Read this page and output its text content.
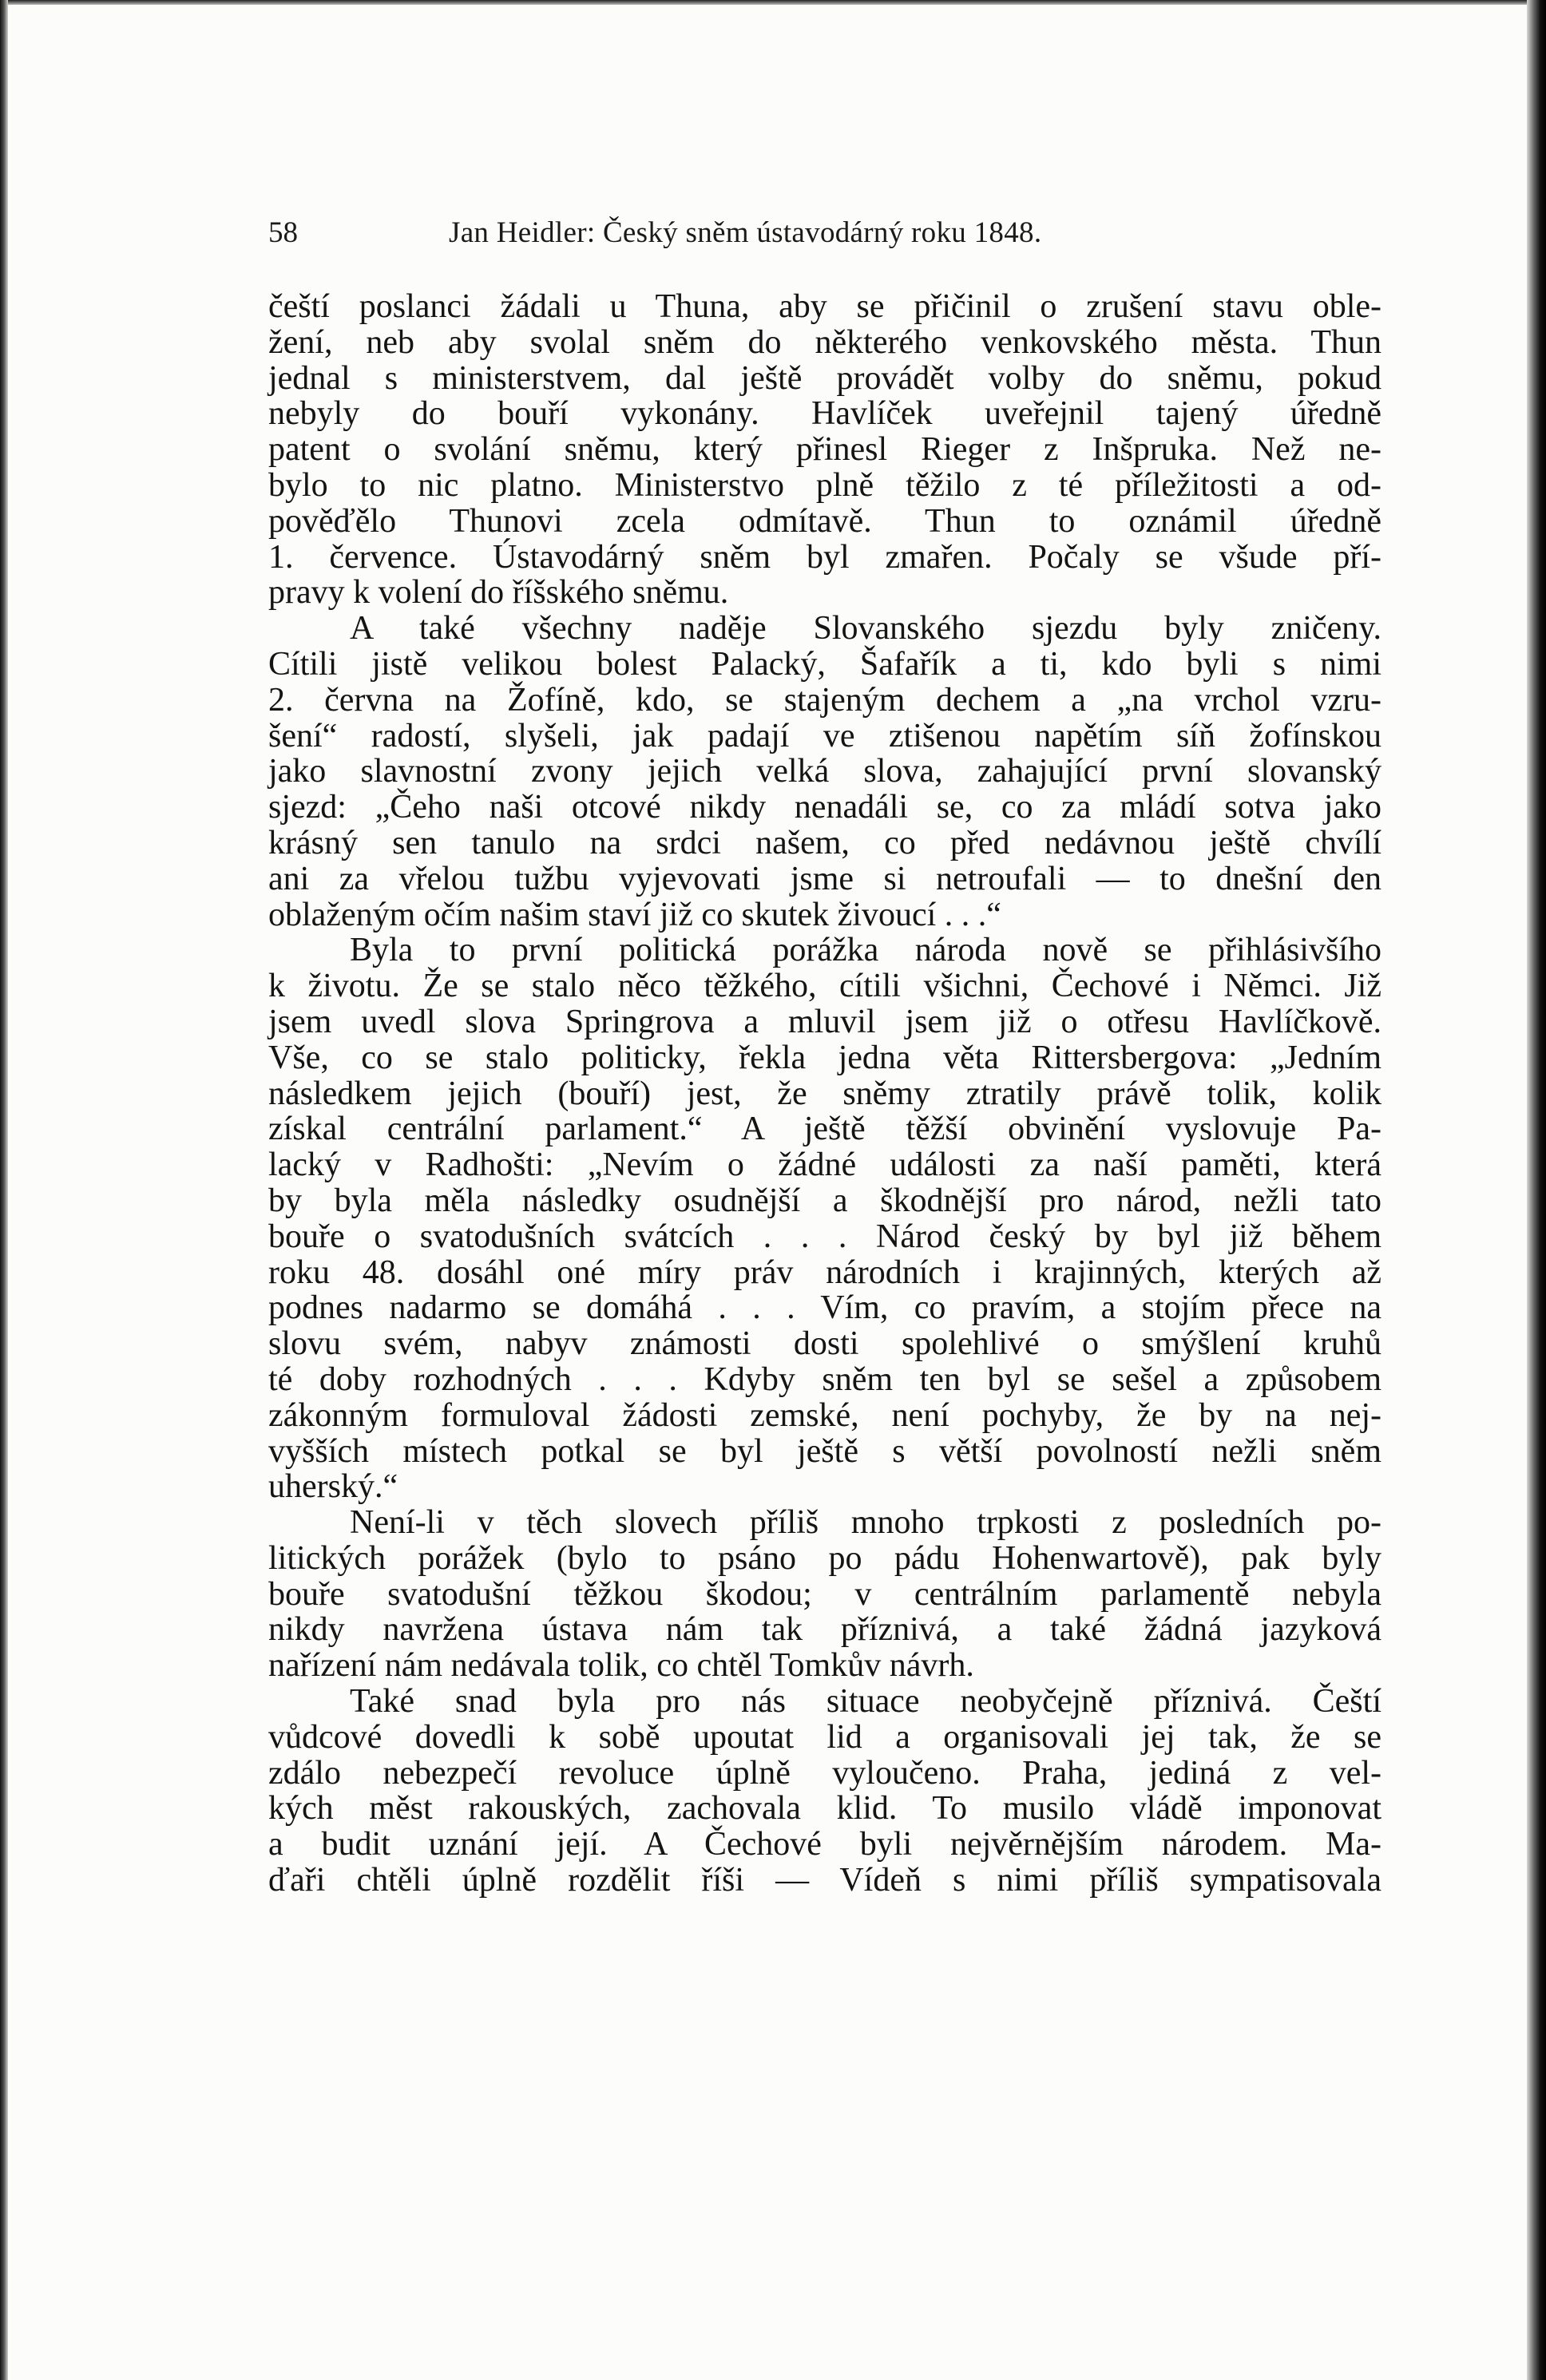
58	Jan Heidler: Český sněm ústavodárný roku 1848.
čeští poslanci žádali u Thuna, aby se přičinil o zrušení stavu oble-
žení, neb aby svolal sněm do některého venkovského města. Thun
jednal s ministerstvem, dal ještě provádět volby do sněmu, pokud
nebyly do bouří vykonány. Havlíček uveřejnil tajený úředně
patent o svolání sněmu, který přinesl Rieger z Inšpruka. Než ne-
bylo to nic platno. Ministerstvo plně těžilo z té příležitosti a od-
pověďělo Thunovi zcela odmítavě. Thun to oznámil úředně
1. července. Ústavodárný sněm byl zmařen. Počaly se všude pří-
pravy k volení do říšského sněmu.
A také všechny naděje Slovanského sjezdu byly zničeny.
Cítili jistě velikou bolest Palacký, Šafařík a ti, kdo byli s nimi
2. června na Žofíně, kdo, se stajeným dechem a „na vrchol vzru-
šení“ radostí, slyšeli, jak padají ve ztišenou napětím síň žofínskou
jako slavnostní zvony jejich velká slova, zahajující první slovanský
sjezd: „Čeho naši otcové nikdy nenadáli se, co za mládí sotva jako
krásný sen tanulo na srdci našem, co před nedávnou ještě chvílí
ani za vřelou tužbu vyjevovati jsme si netroufali — to dnešní den
oblaženým očím našim staví již co skutek živoucí . . .“
Byla to první politická porážka národa nově se přihlásivšího
k životu. Že se stalo něco těžkého, cítili všichni, Čechové i Němci. Již
jsem uvedl slova Springrova a mluvil jsem již o otřesu Havlíčkově.
Vše, co se stalo politicky, řekla jedna věta Rittersbergova: „Jedním
následkem jejich (bouří) jest, že sněmy ztratily právě tolik, kolik
získal centrální parlament.“ A ještě těžší obvinění vyslovuje Pa-
lacký v Radhošti: „Nevím o žádné události za naší paměti, která
by byla měla následky osudnější a škodnější pro národ, nežli tato
bouře o svatodušních svátcích . . . Národ český by byl již během
roku 48. dosáhl oné míry práv národních i krajinných, kterých až
podnes nadarmo se domáhá . . . Vím, co pravím, a stojím přece na
slovu svém, nabyv známosti dosti spolehlivé o smýšlení kruhů
té doby rozhodných . . . Kdyby sněm ten byl se sešel a způsobem
zákonným formuloval žádosti zemské, není pochyby, že by na nej-
vyšších místech potkal se byl ještě s větší povolností nežli sněm
uherský.“
Není-li v těch slovech příliš mnoho trpkosti z posledních po-
litických porážek (bylo to psáno po pádu Hohenwartově), pak byly
bouře svatodušní těžkou škodou; v centrálním parlamentě nebyla
nikdy navržena ústava nám tak příznivá, a také žádná jazyková
nařízení nám nedávala tolik, co chtěl Tomkův návrh.
Také snad byla pro nás situace neobyčejně příznivá. Čeští
vůdcové dovedli k sobě upoutat lid a organisovali jej tak, že se
zdálo nebezpečí revoluce úplně vyloučeno. Praha, jediná z vel-
kých měst rakouských, zachovala klid. To musilo vládě imponovat
a budit uznání její. A Čechové byli nejvěrnějším národem. Ma-
ďaři chtěli úplně rozdělit říši — Vídeň s nimi příliš sympatisovala
